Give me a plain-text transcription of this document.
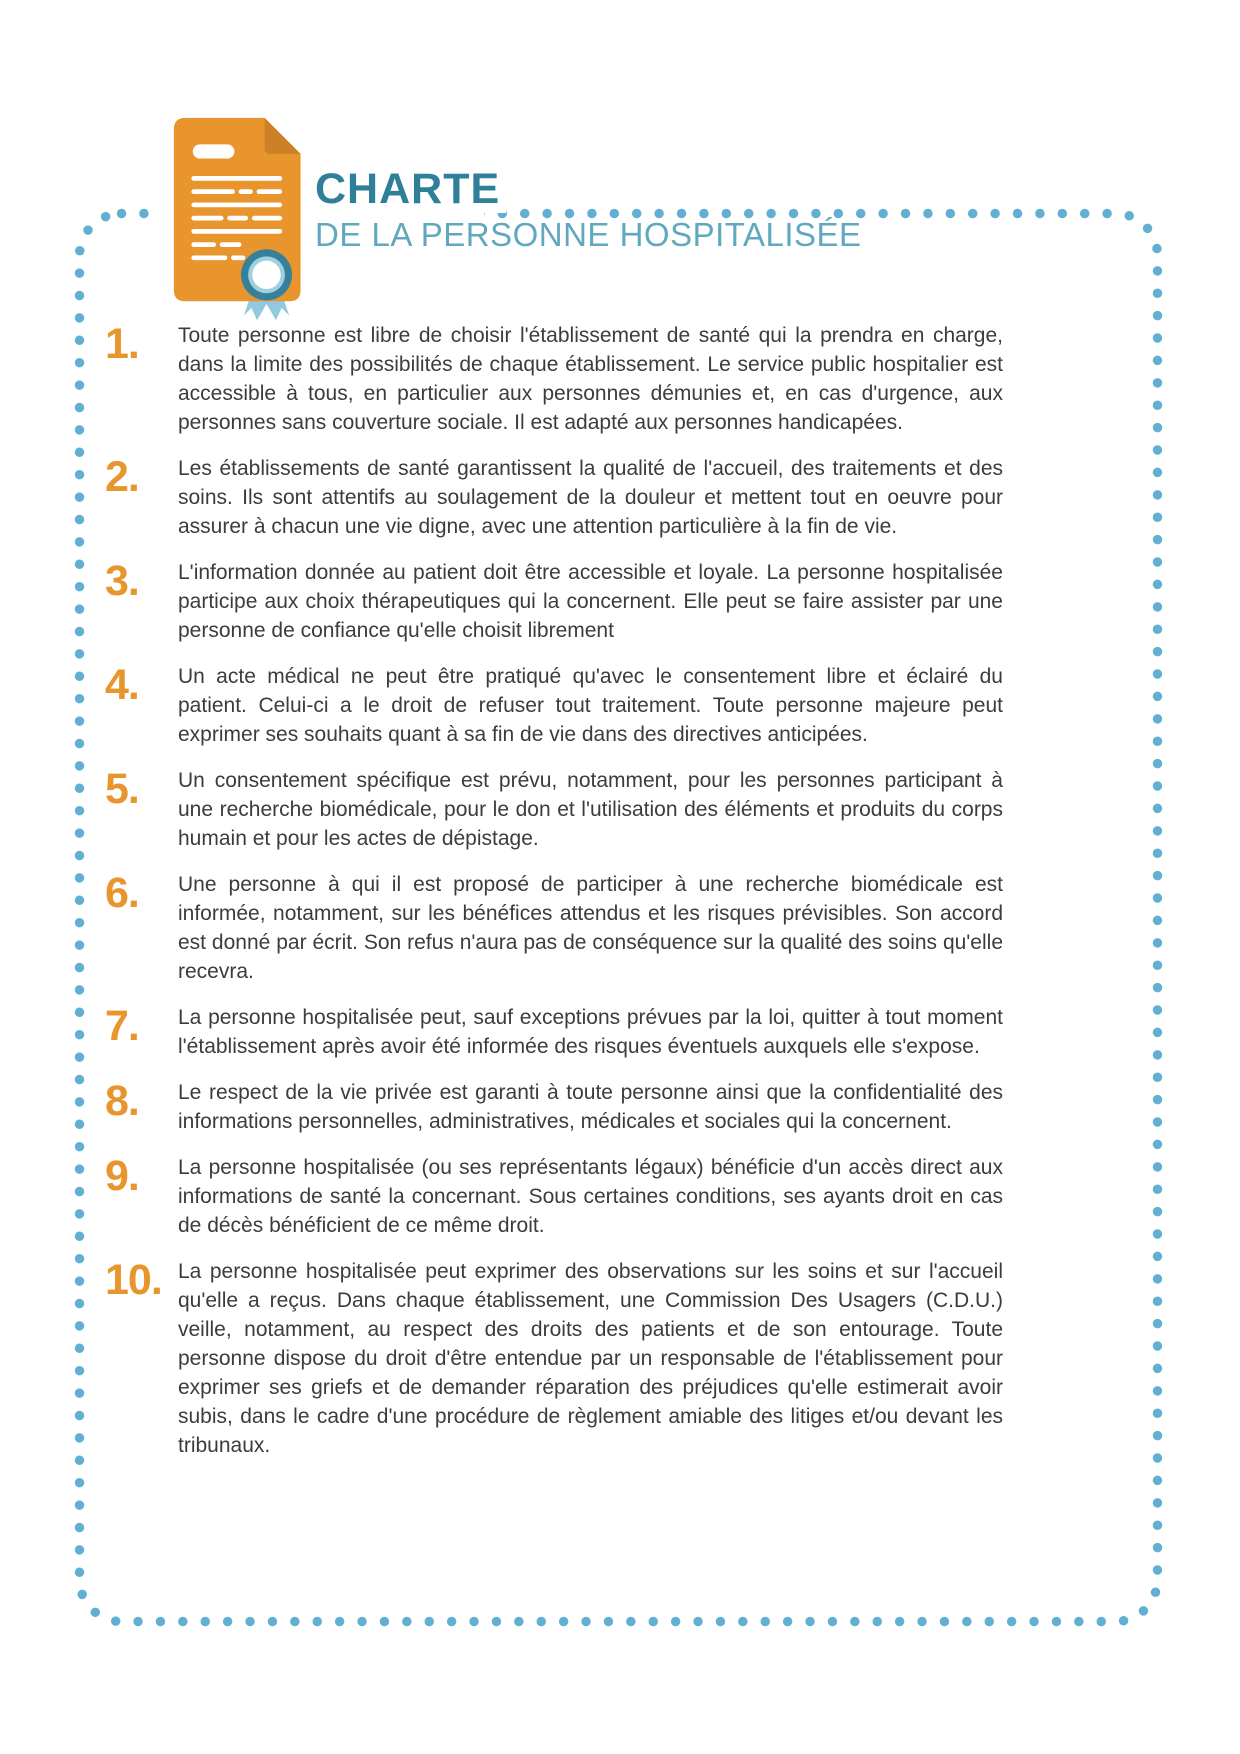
CHARTE
DE LA PERSONNE HOSPITALISÉE
1.	Toute personne est libre de choisir l'établissement de santé qui la prendra en charge, dans la limite des possibilités de chaque établissement. Le service public hospitalier est accessible à tous, en particulier aux personnes démunies et, en cas d'urgence, aux personnes sans couverture sociale. Il est adapté aux personnes handicapées.
2.	Les établissements de santé garantissent la qualité de l'accueil, des traitements et des soins. Ils sont attentifs au soulagement de la douleur et mettent tout en oeuvre pour assurer à chacun une vie digne, avec une attention particulière à la fin de vie.
3.	L'information donnée au patient doit être accessible et loyale. La personne hospitalisée participe aux choix thérapeutiques qui la concernent. Elle peut se faire assister par une personne de confiance qu'elle choisit librement
4.	Un acte médical ne peut être pratiqué qu'avec le consentement libre et éclairé du patient. Celui-ci a le droit de refuser tout traitement. Toute personne majeure peut exprimer ses souhaits quant à sa fin de vie dans des directives anticipées.
5.	Un consentement spécifique est prévu, notamment, pour les personnes participant à une recherche biomédicale, pour le don et l'utilisation des éléments et produits du corps humain et pour les actes de dépistage.
6.	Une personne à qui il est proposé de participer à une recherche biomédicale est informée, notamment, sur les bénéfices attendus et les risques prévisibles. Son accord est donné par écrit. Son refus n'aura pas de conséquence sur la qualité des soins qu'elle recevra.
7.	La personne hospitalisée peut, sauf exceptions prévues par la loi, quitter à tout moment l'établissement après avoir été informée des risques éventuels auxquels elle s'expose.
8.	Le respect de la vie privée est garanti à toute personne ainsi que la confidentialité des informations personnelles, administratives, médicales et sociales qui la concernent.
9.	La personne hospitalisée (ou ses représentants légaux) bénéficie d'un accès direct aux informations de santé la concernant. Sous certaines conditions, ses ayants droit en cas de décès bénéficient de ce même droit.
10. La personne hospitalisée peut exprimer des observations sur les soins et sur l'accueil qu'elle a reçus. Dans chaque établissement, une Commission Des Usagers (C.D.U.) veille, notamment, au respect des droits des patients et de son entourage. Toute personne dispose du droit d'être entendue par un responsable de l'établissement pour exprimer ses griefs et de demander réparation des préjudices qu'elle estimerait avoir subis, dans le cadre d'une procédure de règlement amiable des litiges et/ou devant les tribunaux.
